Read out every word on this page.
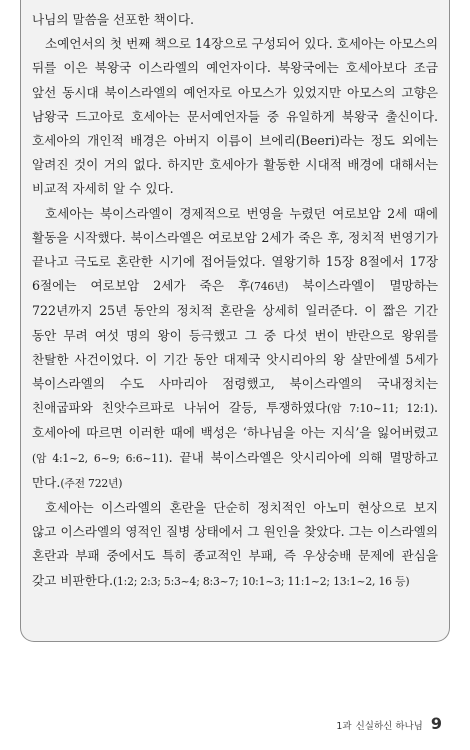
나님의 말씀을 선포한 책이다.

소예언서의 첫 번째 책으로 14장으로 구성되어 있다. 호세아는 아모스의 뒤를 이은 북왕국 이스라엘의 예언자이다. 북왕국에는 호세아보다 조금 앞선 동시대 북이스라엘의 예언자로 아모스가 있었지만 아모스의 고향은 남왕국 드고아로 호세아는 문서예언자들 중 유일하게 북왕국 출신이다. 호세아의 개인적 배경은 아버지 이름이 브에리(Beeri)라는 정도 외에는 알려진 것이 거의 없다. 하지만 호세아가 활동한 시대적 배경에 대해서는 비교적 자세히 알 수 있다.

호세아는 북이스라엘이 경제적으로 번영을 누렸던 여로보암 2세 때에 활동을 시작했다. 북이스라엘은 여로보암 2세가 죽은 후, 정치적 번영기가 끝나고 극도로 혼란한 시기에 접어들었다. 열왕기하 15장 8절에서 17장 6절에는 여로보암 2세가 죽은 후(746년) 북이스라엘이 멸망하는 722년까지 25년 동안의 정치적 혼란을 상세히 일러준다. 이 짧은 기간 동안 무려 여섯 명의 왕이 등극했고 그 중 다섯 번이 반란으로 왕위를 찬탈한 사건이었다. 이 기간 동안 대제국 앗시리아의 왕 살만에셀 5세가 북이스라엘의 수도 사마리아 점령했고, 북이스라엘의 국내정치는 친애굽파와 친앗수르파로 나뉘어 갈등, 투쟁하였다(암 7:10~11; 12:1). 호세아에 따르면 이러한 때에 백성은 ‘하나님을 아는 지식’을 잃어버렸고(암 4:1~2, 6~9; 6:6~11). 끝내 북이스라엘은 앗시리아에 의해 멸망하고 만다.(주전 722년)

호세아는 이스라엘의 혼란을 단순히 정치적인 아노미 현상으로 보지 않고 이스라엘의 영적인 질병 상태에서 그 원인을 찾았다. 그는 이스라엘의 혼란과 부패 중에서도 특히 종교적인 부패, 즉 우상숭배 문제에 관심을 갖고 비판한다.(1:2; 2:3; 5:3~4; 8:3~7; 10:1~3; 11:1~2; 13:1~2, 16 등)

1과 신실하신 하나님 9
